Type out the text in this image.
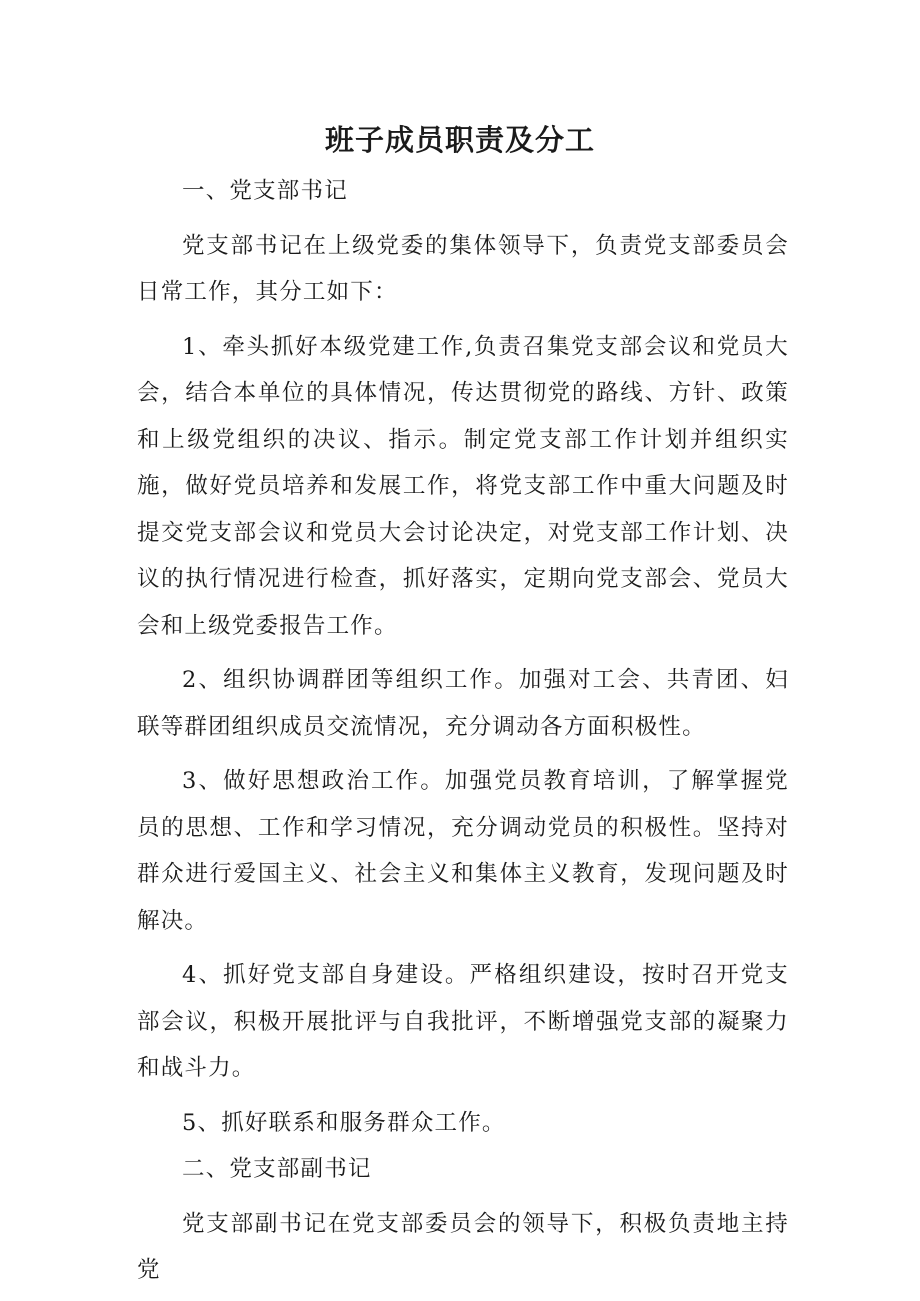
班子成员职责及分工

一、党支部书记

党支部书记在上级党委的集体领导下，负责党支部委员会日常工作，其分工如下：

1、牵头抓好本级党建工作,负责召集党支部会议和党员大会，结合本单位的具体情况，传达贯彻党的路线、方针、政策和上级党组织的决议、指示。制定党支部工作计划并组织实施，做好党员培养和发展工作，将党支部工作中重大问题及时提交党支部会议和党员大会讨论决定，对党支部工作计划、决议的执行情况进行检查，抓好落实，定期向党支部会、党员大会和上级党委报告工作。

2、组织协调群团等组织工作。加强对工会、共青团、妇联等群团组织成员交流情况，充分调动各方面积极性。

3、做好思想政治工作。加强党员教育培训，了解掌握党员的思想、工作和学习情况，充分调动党员的积极性。坚持对群众进行爱国主义、社会主义和集体主义教育，发现问题及时解决。

4、抓好党支部自身建设。严格组织建设，按时召开党支部会议，积极开展批评与自我批评，不断增强党支部的凝聚力和战斗力。

5、抓好联系和服务群众工作。

二、党支部副书记

党支部副书记在党支部委员会的领导下，积极负责地主持党
